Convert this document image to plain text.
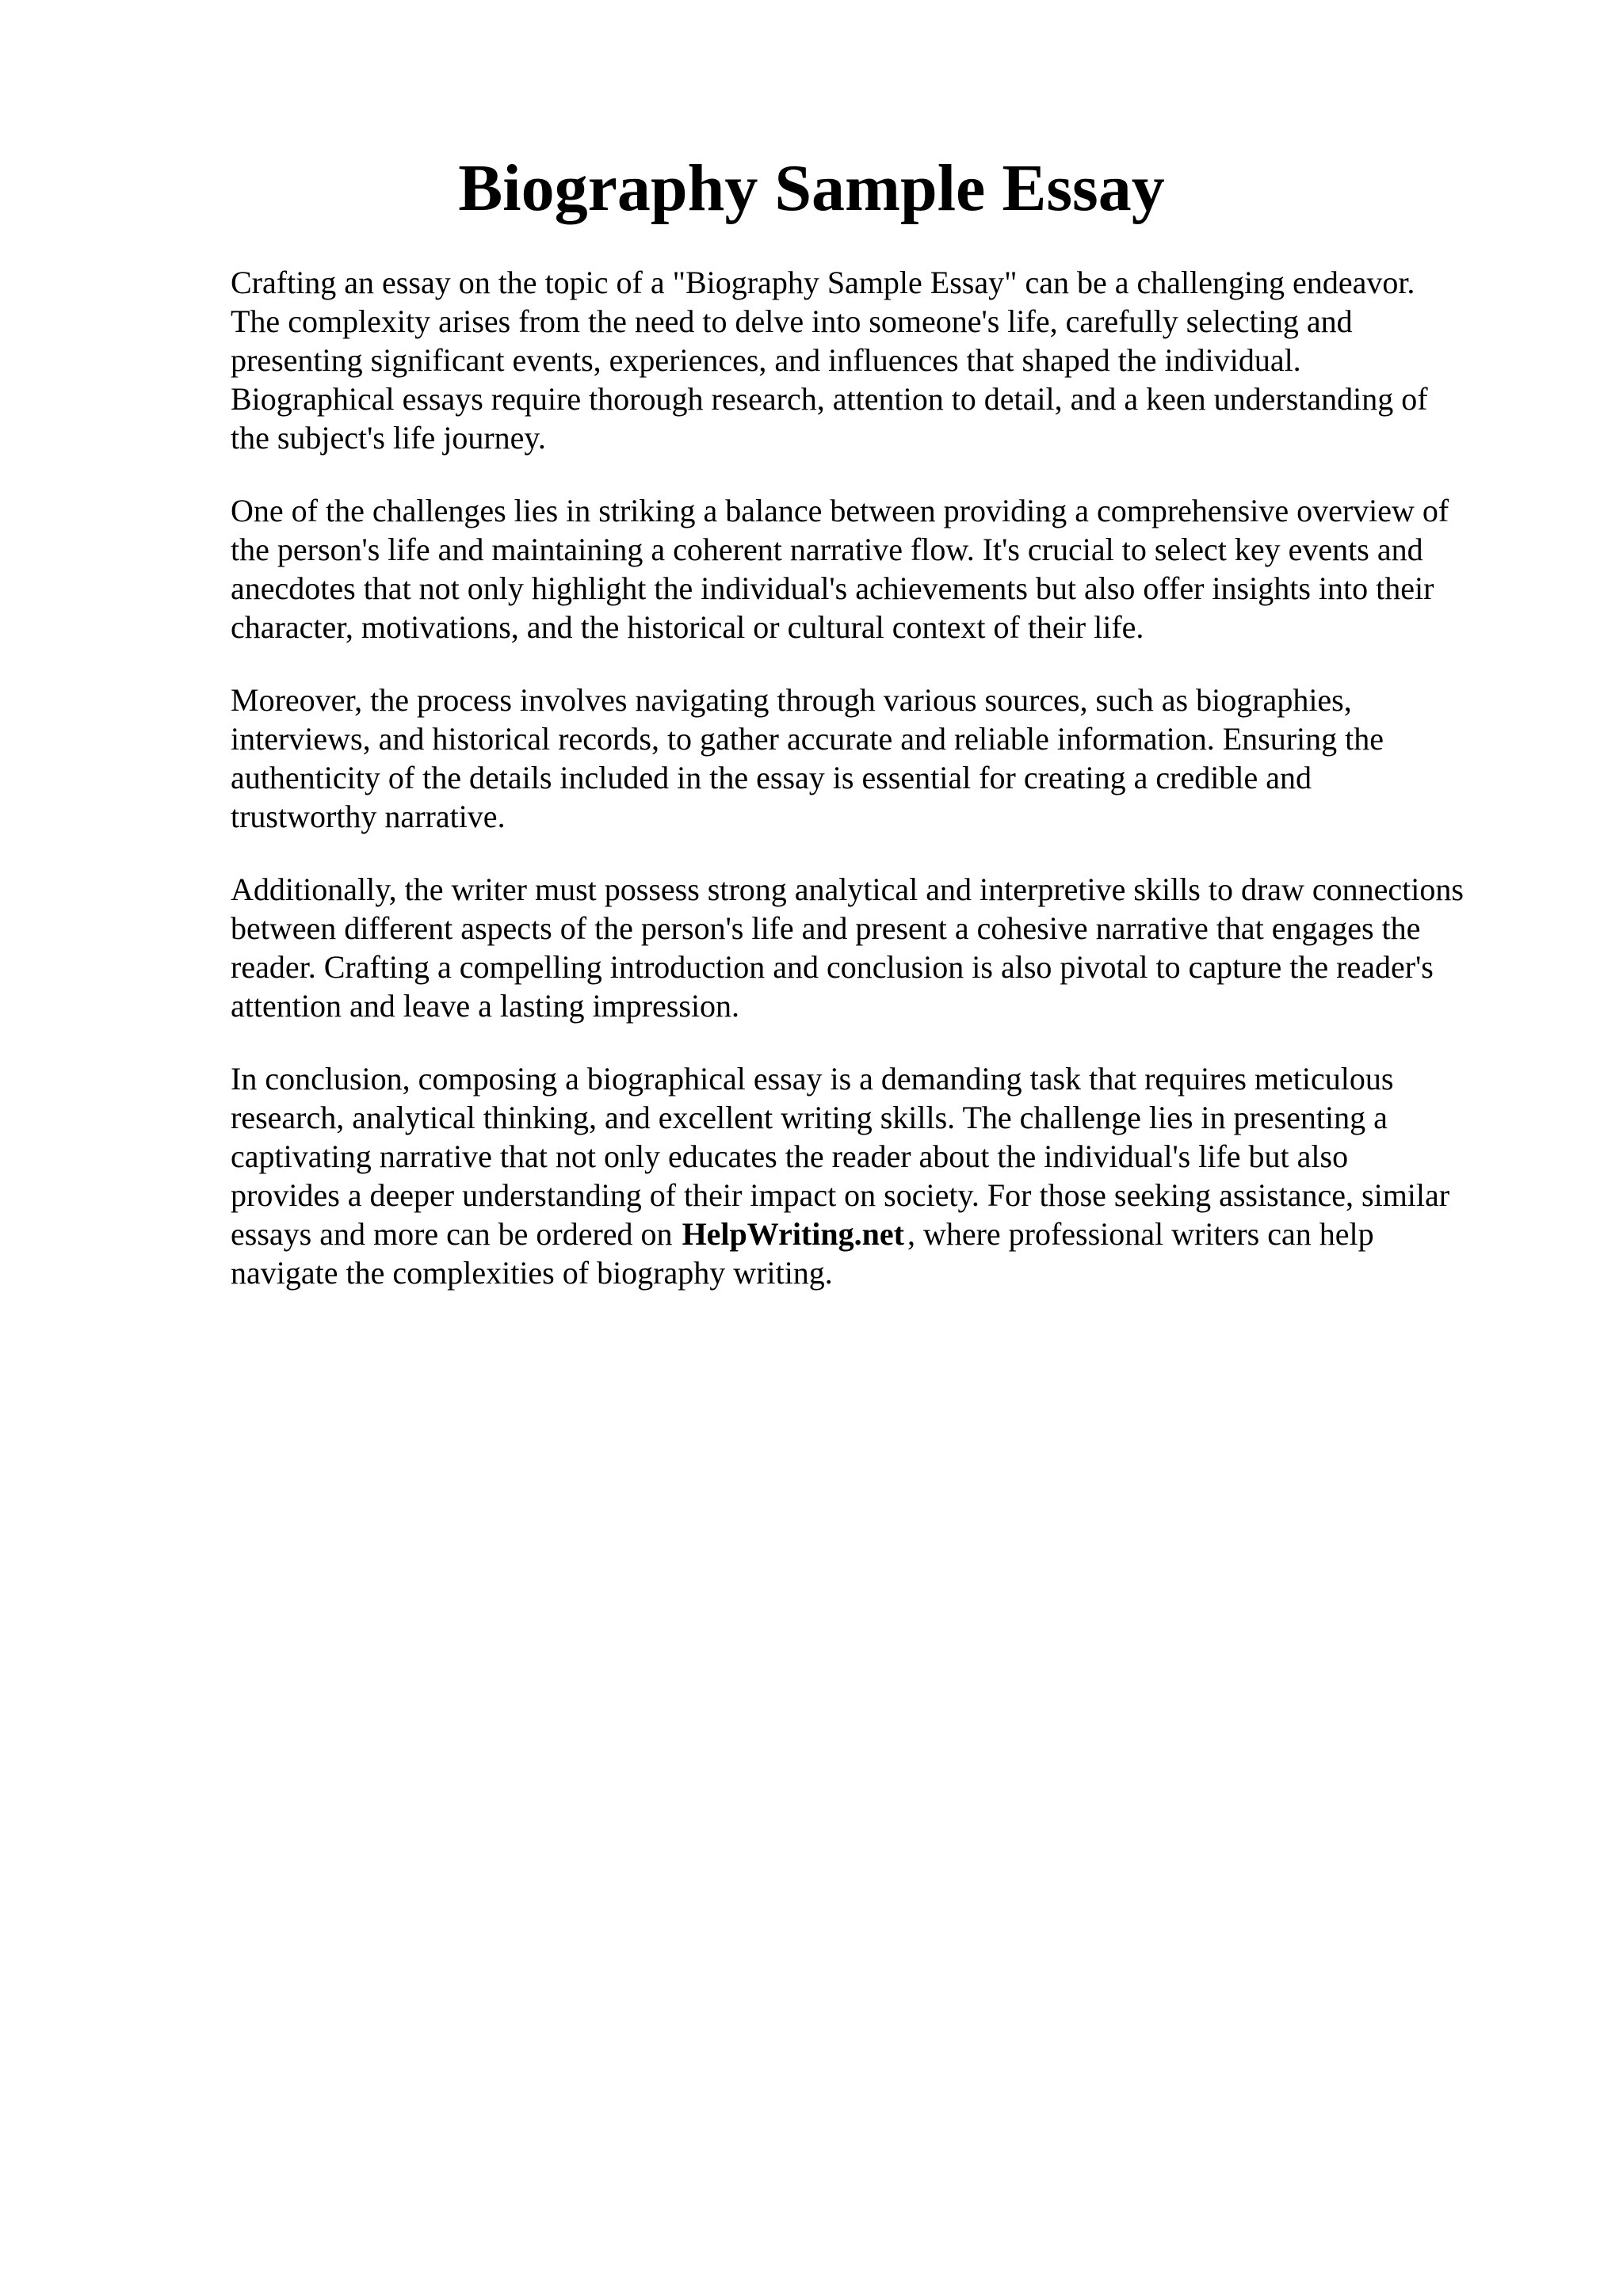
Biography Sample Essay

Crafting an essay on the topic of a "Biography Sample Essay" can be a challenging endeavor.
The complexity arises from the need to delve into someone's life, carefully selecting and
presenting significant events, experiences, and influences that shaped the individual.
Biographical essays require thorough research, attention to detail, and a keen understanding of
the subject's life journey.

One of the challenges lies in striking a balance between providing a comprehensive overview of
the person's life and maintaining a coherent narrative flow. It's crucial to select key events and
anecdotes that not only highlight the individual's achievements but also offer insights into their
character, motivations, and the historical or cultural context of their life.

Moreover, the process involves navigating through various sources, such as biographies,
interviews, and historical records, to gather accurate and reliable information. Ensuring the
authenticity of the details included in the essay is essential for creating a credible and
trustworthy narrative.

Additionally, the writer must possess strong analytical and interpretive skills to draw connections
between different aspects of the person's life and present a cohesive narrative that engages the
reader. Crafting a compelling introduction and conclusion is also pivotal to capture the reader's
attention and leave a lasting impression.

In conclusion, composing a biographical essay is a demanding task that requires meticulous
research, analytical thinking, and excellent writing skills. The challenge lies in presenting a
captivating narrative that not only educates the reader about the individual's life but also
provides a deeper understanding of their impact on society. For those seeking assistance, similar
essays and more can be ordered on HelpWriting.net , where professional writers can help
navigate the complexities of biography writing.
